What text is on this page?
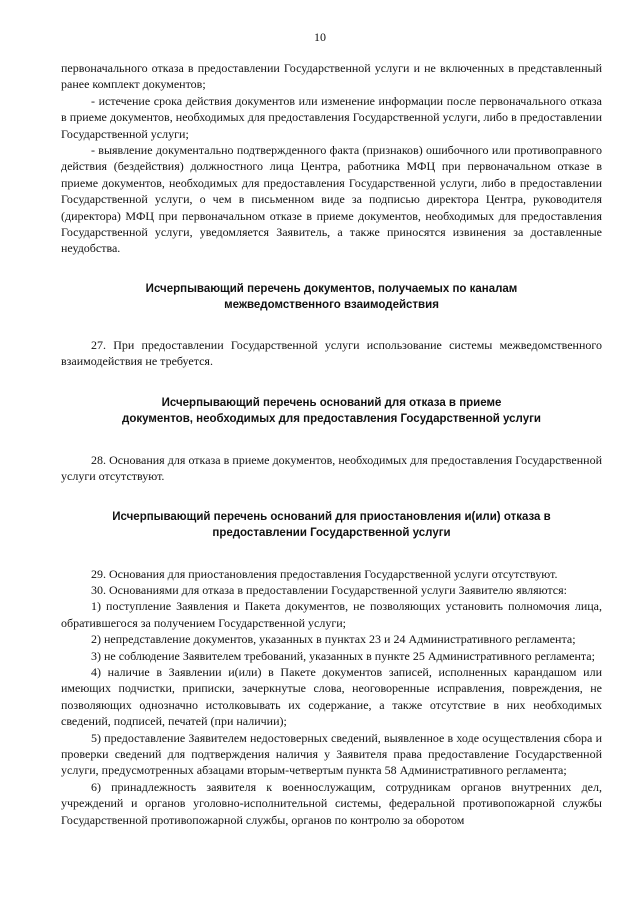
10

первоначального отказа в предоставлении Государственной услуги и не включенных в представленный ранее комплект документов;

- истечение срока действия документов или изменение информации после первоначального отказа в приеме документов, необходимых для предоставления Государственной услуги, либо в предоставлении Государственной услуги;

- выявление документально подтвержденного факта (признаков) ошибочного или противоправного действия (бездействия) должностного лица Центра, работника МФЦ при первоначальном отказе в приеме документов, необходимых для предоставления Государственной услуги, либо в предоставлении Государственной услуги, о чем в письменном виде за подписью директора Центра, руководителя (директора) МФЦ при первоначальном отказе в приеме документов, необходимых для предоставления Государственной услуги, уведомляется Заявитель, а также приносятся извинения за доставленные неудобства.

Исчерпывающий перечень документов, получаемых по каналам
межведомственного взаимодействия

27. При предоставлении Государственной услуги использование системы межведомственного взаимодействия не требуется.

Исчерпывающий перечень оснований для отказа в приеме
документов, необходимых для предоставления Государственной услуги

28. Основания для отказа в приеме документов, необходимых для предоставления Государственной услуги отсутствуют.

Исчерпывающий перечень оснований для приостановления и(или) отказа в
предоставлении Государственной услуги

29. Основания для приостановления предоставления Государственной услуги отсутствуют.

30. Основаниями для отказа в предоставлении Государственной услуги Заявителю являются:

1) поступление Заявления и Пакета документов, не позволяющих установить полномочия лица, обратившегося за получением Государственной услуги;

2) непредставление документов, указанных в пунктах 23 и 24 Административного регламента;

3) не соблюдение Заявителем требований, указанных в пункте 25 Административного регламента;

4) наличие в Заявлении и(или) в Пакете документов записей, исполненных карандашом или имеющих подчистки, приписки, зачеркнутые слова, неоговоренные исправления, повреждения, не позволяющих однозначно истолковывать их содержание, а также отсутствие в них необходимых сведений, подписей, печатей (при наличии);

5) предоставление Заявителем недостоверных сведений, выявленное в ходе осуществления сбора и проверки сведений для подтверждения наличия у Заявителя права предоставление Государственной услуги, предусмотренных абзацами вторым-четвертым пункта 58 Административного регламента;

6) принадлежность заявителя к военнослужащим, сотрудникам органов внутренних дел, учреждений и органов уголовно-исполнительной системы, федеральной противопожарной службы Государственной противопожарной службы, органов по контролю за оборотом
